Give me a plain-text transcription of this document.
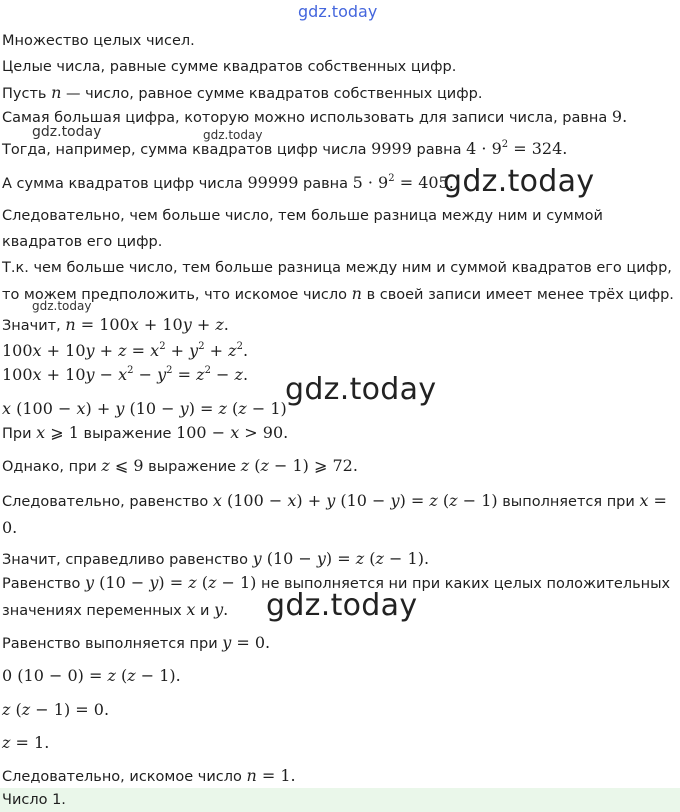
gdz.today
gdz.today	gdz.today
gdz.today
gdz.today
gdz.today
gdz.today
Множество целых чисел.
Целые числа, равные сумме квадратов собственных цифр.
Пусть n — число, равное сумме квадратов собственных цифр.
Самая большая цифра, которую можно использовать для записи числа, равна 9.
Тогда, например, сумма квадратов цифр числа 9999 равна $4 \cdot 9^2 = 324$.
А сумма квадратов цифр числа 99999 равна $5 \cdot 9^2 = 405$.
Следовательно, чем больше число, тем больше разница между ним и суммой квадратов его цифр.
Т.к. чем больше число, тем больше разница между ним и суммой квадратов его цифр, то можем предположить, что искомое число n в своей записи имеет менее трёх цифр.
Значит, n = 100x + 10y + z.
$100x + 10y + z = x^2 + y^2 + z^2$.
$100x + 10y - x^2 - y^2 = z^2 - z$.
x (100 − x) + y (10 − y) = z (z − 1)
При x ⩾ 1 выражение 100 − x > 90.
Однако, при z ⩽ 9 выражение z (z − 1) ⩾ 72.
Следовательно, равенство x (100 − x) + y (10 − y) = z (z − 1) выполняется при x = 0.
Значит, справедливо равенство y (10 − y) = z (z − 1).
Равенство y (10 − y) = z (z − 1) не выполняется ни при каких целых положительных значениях переменных x и y.
Равенство выполняется при y = 0.
0 (10 − 0) = z (z − 1).
z (z − 1) = 0.
z = 1.
Следовательно, искомое число n = 1.
Число 1.
